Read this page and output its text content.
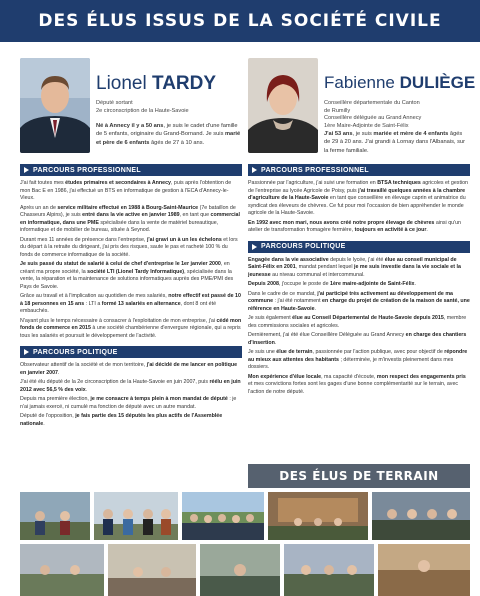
DES ÉLUS ISSUS DE LA SOCIÉTÉ CIVILE
Lionel TARDY
Député sortant
2e circonscription de la Haute-Savoie
Né à Annecy il y a 50 ans, je suis le cadet d'une famille de 5 enfants, originaire du Grand-Bornand. Je suis marié et père de 6 enfants âgés de 27 à 10 ans.
PARCOURS PROFESSIONNEL

J'ai fait toutes mes études primaires et secondaires à Annecy, puis après l'obtention de mon Bac E en 1986, j'ai effectué un BTS en informatique de gestion à l'ECA d'Annecy-le-Vieux.

Après un an de service militaire effectué en 1988 à Bourg-Saint-Maurice (7e bataillon de Chasseurs Alpins), je suis entré dans la vie active en janvier 1989, en tant que commercial en informatique, dans une PME spécialisée dans la vente de matériel bureautique, informatique et de mobilier de bureau, située à Seynod.

Durant mes 11 années de présence dans l'entreprise, j'ai gravi un à un les échelons et lors du départ à la retraite du dirigeant, j'ai pris des risques, saute le pas et racheté 100 % du fonds de commerce informatique de la société.

Je suis passé du statut de salarié à celui de chef d'entreprise le 1er janvier 2000, en créant ma propre société, la société LTI (Lionel Tardy Informatique), spécialisée dans la vente, la réparation et la maintenance de solutions informatiques auprès des PME/PMI des Pays de Savoie.

Grâce au travail et à l'implication au quotidien de mes salariés, notre effectif est passé de 10 à 18 personnes en 15 ans : LTI a formé 13 salariés en alternance, dont 8 ont été embauchés.

N'ayant plus le temps nécessaire à consacrer à l'exploitation de mon entreprise, j'ai cédé mon fonds de commerce en 2015 à une société chambérienne d'envergure régionale, qui a repris tous les salariés et poursuit le développement de l'activité.

PARCOURS POLITIQUE

Observateur attentif de la société et de mon territoire, j'ai décidé de me lancer en politique en janvier 2007.

J'ai été élu député de la 2e circonscription de la Haute-Savoie en juin 2007, puis réélu en juin 2012 avec 56,5 % des voix.

Depuis ma première élection, je me consacre à temps plein à mon mandat de député : je n'ai jamais exercé, ni cumulé ma fonction de député avec un autre mandat.

Député de l'opposition, je fais partie des 15 députés les plus actifs de l'Assemblée nationale.

Fabienne DULIÈGE
Conseillère départementale du Canton
de Rumilly
Conseillère déléguée au Grand Annecy
1ère Maire-Adjointe de Saint-Félix
J'ai 53 ans, je suis mariée et mère de 4 enfants âgés de 29 à 20 ans. J'ai grandi à Lornay dans l'Albanais, sur la ferme familiale.
PARCOURS PROFESSIONNEL

Passionnée par l'agriculture, j'ai suivi une formation en BTSA techniques agricoles et gestion de l'entreprise au lycée Agricole de Poisy, puis j'ai travaillé quelques années à la chambre d'agriculture de la Haute-Savoie en tant que conseillère en élevage caprin et animatrice du syndicat des éleveurs de chèvres. Ce fut pour moi l'occasion de bien appréhender le monde agricole de la Haute-Savoie.

En 1992 avec mon mari, nous avons créé notre propre élevage de chèvres ainsi qu'un atelier de transformation fromagère fermière, toujours en activité à ce jour.

PARCOURS POLITIQUE

Engagée dans la vie associative depuis le lycée, j'ai été élue au conseil municipal de Saint-Félix en 2001, mandat pendant lequel je me suis investie dans la vie sociale et la jeunesse au niveau communal et intercommunal.

Depuis 2008, j'occupe le poste de 1ère maire-adjointe de Saint-Félix.

Dans le cadre de ce mandat, j'ai participé très activement au développement de ma commune : j'ai été notamment en charge du projet de création de la maison de santé, une référence en Haute-Savoie.

Je suis également élue au Conseil Départemental de Haute-Savoie depuis 2015, membre des commissions sociales et agricoles.

Dernièrement, j'ai été élue Conseillère Déléguée au Grand Annecy en charge des chantiers d'insertion.

Je suis une élue de terrain, passionnée par l'action publique, avec pour objectif de répondre au mieux aux attentes des habitants ; déterminée, je m'investis pleinement dans mes dossiers.

Mon expérience d'élue locale, ma capacité d'écoute, mon respect des engagements pris et mes convictions fortes sont les gages d'une bonne complémentarité sur le terrain, avec l'action de notre député.

DES ÉLUS DE TERRAIN
